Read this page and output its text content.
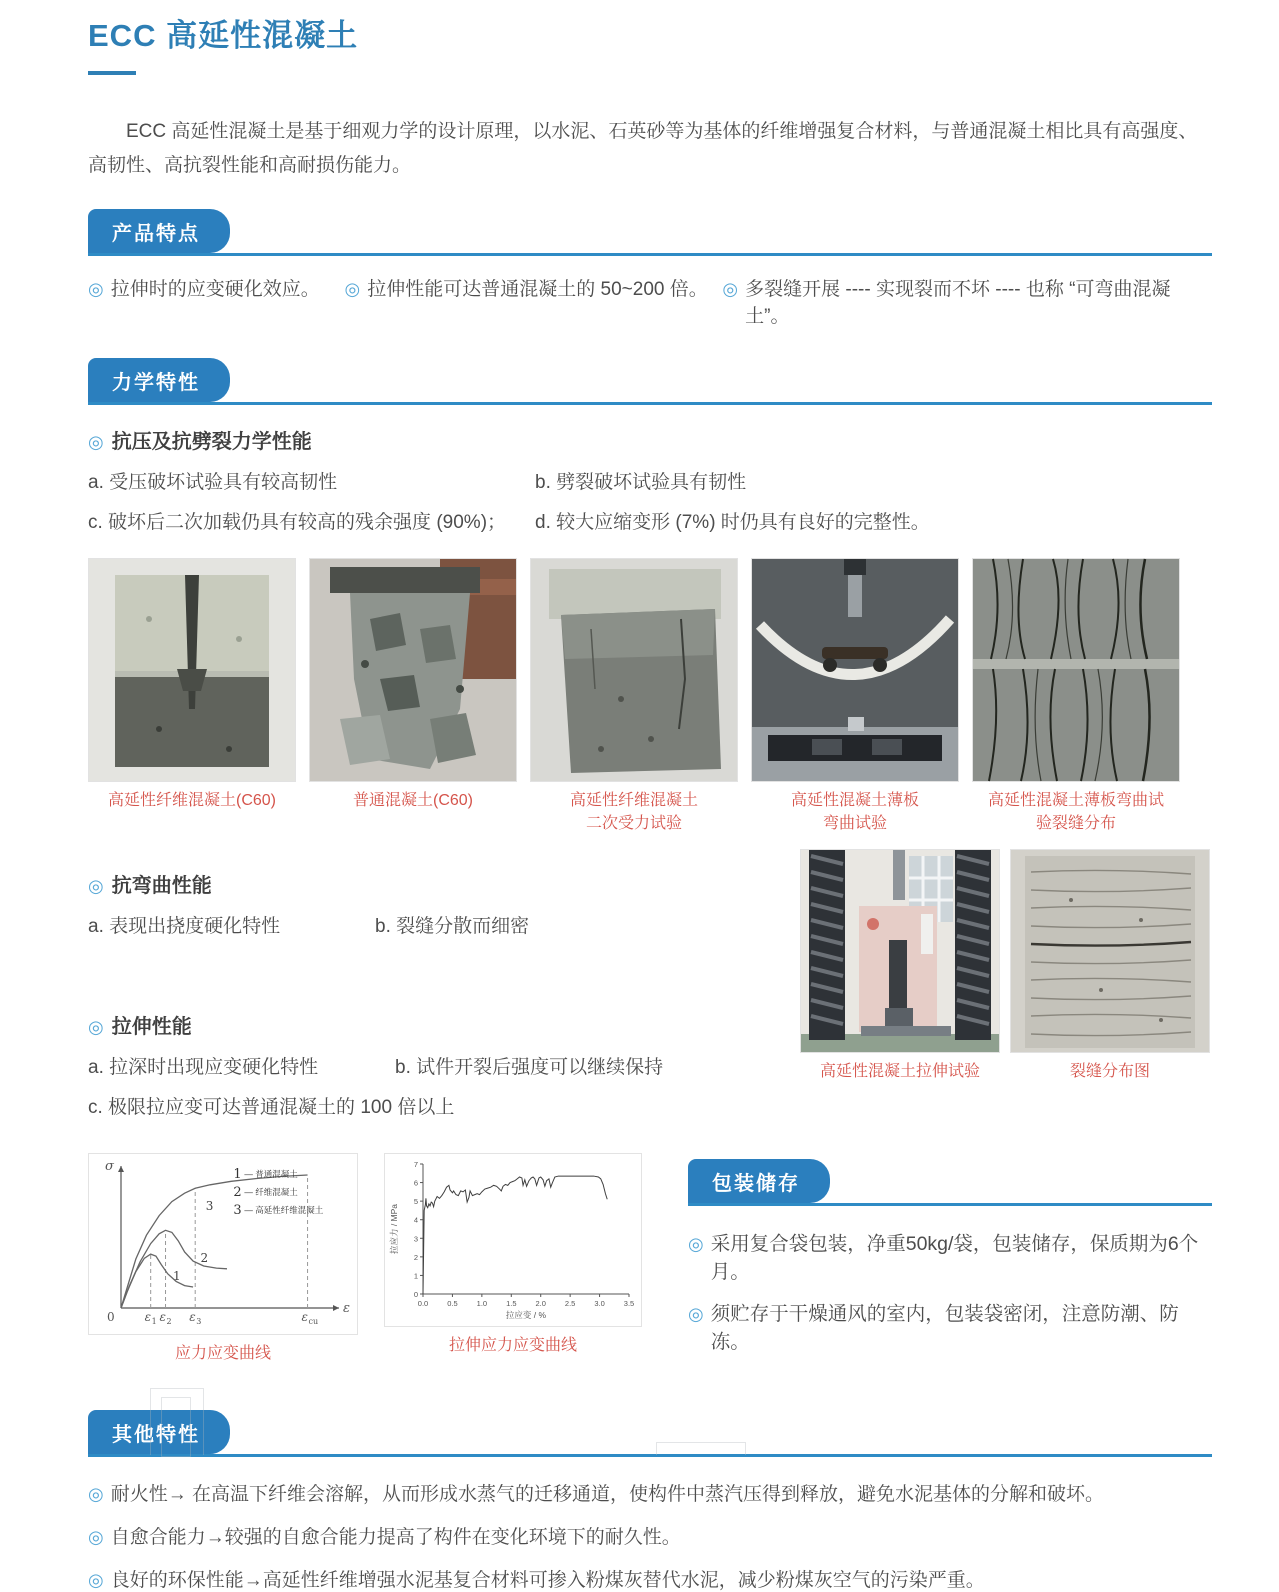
ECC 高延性混凝土

ECC 高延性混凝土是基于细观力学的设计原理，以水泥、石英砂等为基体的纤维增强复合材料，与普通混凝土相比具有高强度、高韧性、高抗裂性能和高耐损伤能力。

产品特点
◎ 拉伸时的应变硬化效应。 ◎ 拉伸性能可达普通混凝土的 50~200 倍。 ◎ 多裂缝开展 ---- 实现裂而不坏 ---- 也称 “可弯曲混凝土”。
力学特性
◎ 抗压及抗劈裂力学性能
a. 受压破坏试验具有较高韧性	b. 劈裂破坏试验具有韧性
c. 破坏后二次加载仍具有较高的残余强度 (90%)；	d. 较大应缩变形 (7%) 时仍具有良好的完整性。
高延性纤维混凝土(C60)	普通混凝土(C60)	高延性纤维混凝土二次受力试验
高延性混凝土薄板弯曲试验
高延性混凝土薄板弯曲试验裂缝分布
◎ 抗弯曲性能
a. 表现出挠度硬化特性	b. 裂缝分散而细密
◎ 拉伸性能
a. 拉深时出现应变硬化特性	b. 试件开裂后强度可以继续保持
c. 极限拉应变可达普通混凝土的 100 倍以上
高延性混凝土拉伸试验	裂缝分布图
应力应变曲线	拉伸应力应变曲线
包装储存
◎ 采用复合袋包装，净重50kg/袋，包装储存，保质期为6个月。
◎ 须贮存于干燥通风的室内，包装袋密闭，注意防潮、防冻。
其他特性
◎ 耐火性→ 在高温下纤维会溶解，从而形成水蒸气的迁移通道，使构件中蒸汽压得到释放，避免水泥基体的分解和破坏。
◎ 自愈合能力→较强的自愈合能力提高了构件在变化环境下的耐久性。
◎ 良好的环保性能→高延性纤维增强水泥基复合材料可掺入粉煤灰替代水泥，减少粉煤灰空气的污染严重。
